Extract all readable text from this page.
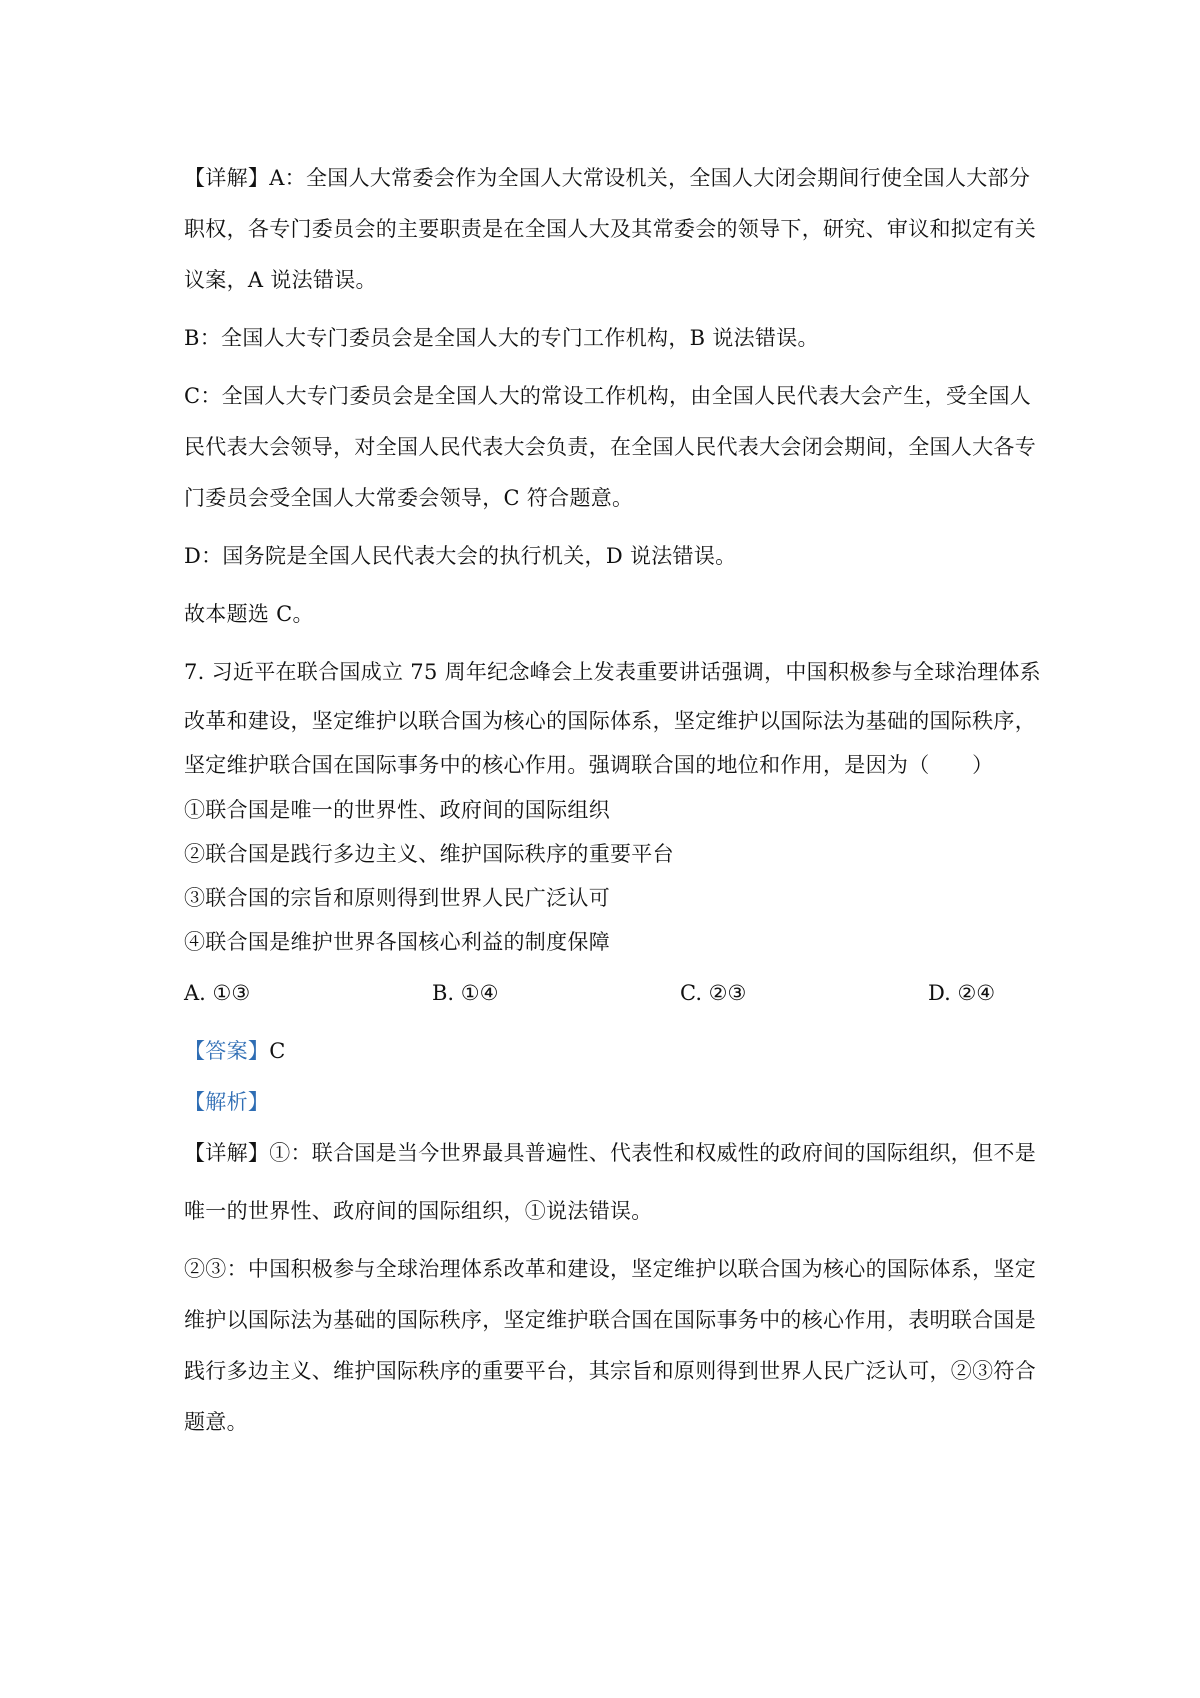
【详解】A：全国人大常委会作为全国人大常设机关，全国人大闭会期间行使全国人大部分
职权，各专门委员会的主要职责是在全国人大及其常委会的领导下，研究、审议和拟定有关
议案，A 说法错误。
B：全国人大专门委员会是全国人大的专门工作机构，B 说法错误。
C：全国人大专门委员会是全国人大的常设工作机构，由全国人民代表大会产生，受全国人
民代表大会领导，对全国人民代表大会负责，在全国人民代表大会闭会期间，全国人大各专
门委员会受全国人大常委会领导，C 符合题意。
D：国务院是全国人民代表大会的执行机关，D 说法错误。
故本题选 C。
7. 习近平在联合国成立 75 周年纪念峰会上发表重要讲话强调，中国积极参与全球治理体系
改革和建设，坚定维护以联合国为核心的国际体系，坚定维护以国际法为基础的国际秩序，
坚定维护联合国在国际事务中的核心作用。强调联合国的地位和作用，是因为（　　）
①联合国是唯一的世界性、政府间的国际组织
②联合国是践行多边主义、维护国际秩序的重要平台
③联合国的宗旨和原则得到世界人民广泛认可
④联合国是维护世界各国核心利益的制度保障
A. ①③	B. ①④	C. ②③	D. ②④
【答案】C
【解析】
【详解】①：联合国是当今世界最具普遍性、代表性和权威性的政府间的国际组织，但不是
唯一的世界性、政府间的国际组织，①说法错误。
②③：中国积极参与全球治理体系改革和建设，坚定维护以联合国为核心的国际体系，坚定
维护以国际法为基础的国际秩序，坚定维护联合国在国际事务中的核心作用，表明联合国是
践行多边主义、维护国际秩序的重要平台，其宗旨和原则得到世界人民广泛认可，②③符合
题意。
